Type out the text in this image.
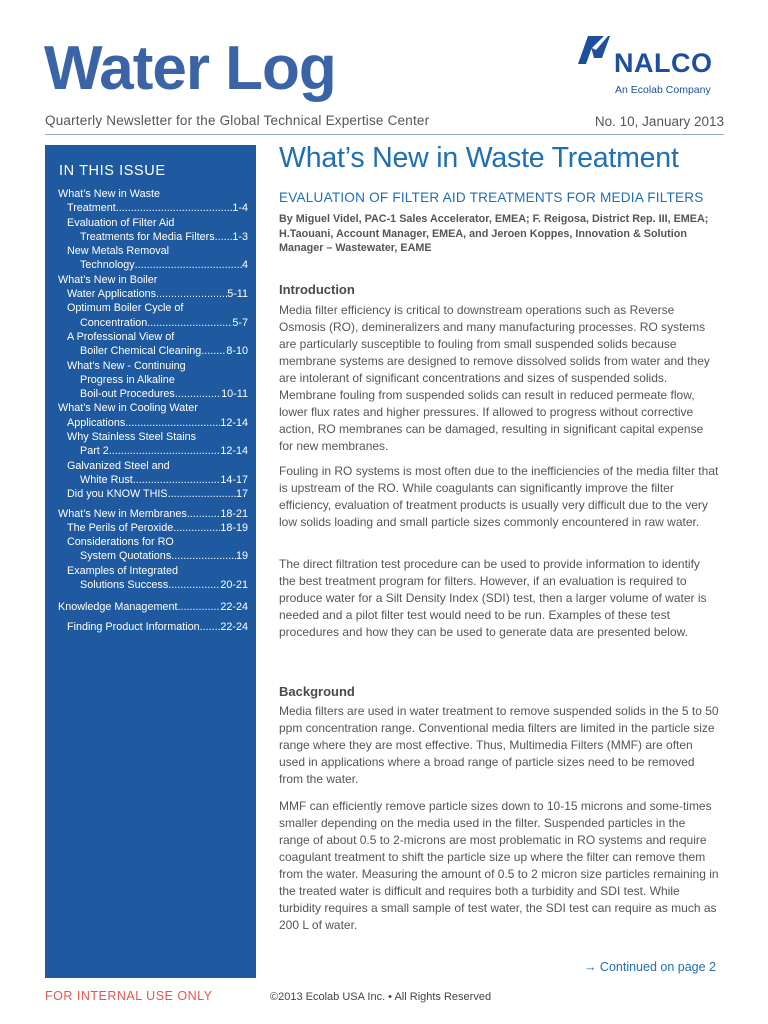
Water Log
Quarterly Newsletter for the Global Technical Expertise Center	No. 10, January 2013
NALCO
An Ecolab Company
IN THIS ISSUE
What’s New in Waste
Treatment .....	1-4
Evaluation of Filter Aid
Treatments for Media Filters ..... 1-3
New Metals Removal
Technology .....	4
What’s New in Boiler
Water Applications .....	5-11
Optimum Boiler Cycle of
Concentration .....	5-7
A Professional View of
Boiler Chemical Cleaning ..... 8-10
What’s New - Continuing
Progress in Alkaline
Boil-out Procedures .....	10-11
What’s New in Cooling Water
Applications .....	12-14
Why Stainless Steel Stains
Part 2 .....	12-14
Galvanized Steel and
White Rust .....	14-17
Did you KNOW THIS .....	17
What’s New in Membranes .....	18-21
The Perils of Peroxide .....	18-19
Considerations for RO
System Quotations .....	19
Examples of Integrated
Solutions Success .....	20-21
Knowledge Management .....	22-24
Finding Product Information ..... 22-24
What’s New in Waste Treatment
EVALUATION OF FILTER AID TREATMENTS FOR MEDIA FILTERS
By Miguel Videl, PAC-1 Sales Accelerator, EMEA; F. Reigosa, District Rep. III, EMEA; H.Taouani, Account Manager, EMEA, and Jeroen Koppes, Innovation & Solution Manager – Wastewater, EAME
Introduction

Media filter efficiency is critical to downstream operations such as Reverse Osmosis (RO), demineralizers and many manufacturing processes. RO systems are particularly susceptible to fouling from small suspended solids because membrane systems are designed to remove dissolved solids from water and they are intolerant of significant concentrations and sizes of suspended solids. Membrane fouling from suspended solids can result in reduced permeate flow, lower flux rates and higher pressures. If allowed to progress without corrective action, RO membranes can be damaged, resulting in significant capital expense for new membranes.

Fouling in RO systems is most often due to the inefficiencies of the media filter that is upstream of the RO. While coagulants can significantly improve the filter efficiency, evaluation of treatment products is usually very difficult due to the very low solids loading and small particle sizes commonly encountered in raw water.

The direct filtration test procedure can be used to provide information to identify the best treatment program for filters. However, if an evaluation is required to produce water for a Silt Density Index (SDI) test, then a larger volume of water is needed and a pilot filter test would need to be run. Examples of these test procedures and how they can be used to generate data are presented below.

Background

Media filters are used in water treatment to remove suspended solids in the 5 to 50 ppm concentration range. Conventional media filters are limited in the particle size range where they are most effective. Thus, Multimedia Filters (MMF) are often used in applications where a broad range of particle sizes need to be removed from the water.

MMF can efficiently remove particle sizes down to 10-15 microns and some-times smaller depending on the media used in the filter. Suspended particles in the range of about 0.5 to 2-microns are most problematic in RO systems and require coagulant treatment to shift the particle size up where the filter can remove them from the water. Measuring the amount of 0.5 to 2 micron size particles remaining in the treated water is difficult and requires both a turbidity and SDI test. While turbidity requires a small sample of test water, the SDI test can require as much as 200 L of water.

→ Continued on page 2
FOR INTERNAL USE ONLY	©2013 Ecolab USA Inc. • All Rights Reserved
